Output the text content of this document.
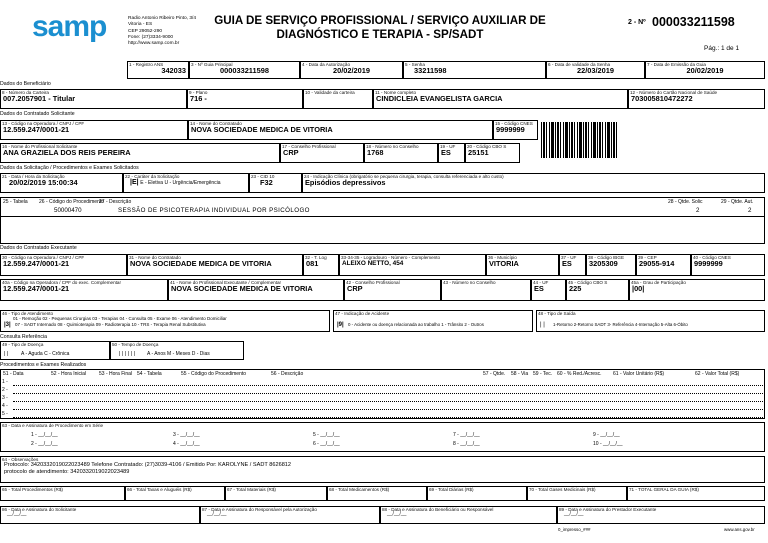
samp	Radio Antonio Ribeiro Pinto, 3/4
Vitoria - ES
CEP 29052-290
Fone: (27)3334-9000
http://www.samp.com.br
GUIA DE SERVIÇO PROFISSIONAL / SERVIÇO AUXILIAR DE
DIAGNÓSTICO E TERAPIA - SP/SADT
2 - Nº 000033211598
Pág.: 1 de 1
1 - Registro ANS
342033
3 - Nº Guia Principal
000033211598
4 - Data da Autorização
20/02/2019
5 - Senha
33211598
6 - Data de validade da Senha
22/03/2019
7 - Data de Emissão da Guia
20/02/2019
Dados do Beneficiário
8 - Número da Carteira
007.2057901 - Titular
9 - Plano
716 -
10 - Validade da carteira	11 - Nome completo
CINDICLEIA EVANGELISTA GARCIA
12 - Número do Cartão Nacional de Saúde
703005810472272
Dados do Contratado Solicitante
13 - Código na Operadora / CNPJ / CPF
12.559.247/0001-21
14 - Nome do Contratado
NOVA SOCIEDADE MEDICA DE VITORIA
15 - Código CNES
9999999
16 - Nome do Profissional Solicitante
ANA GRAZIELA DOS REIS PEREIRA
17 - Conselho Profissional
CRP
18 - Número no Conselho
1768
19 - UF
ES
20 - Código CBO S
25151
Dados da Solicitação / Procedimentos e Exames Solicitados
21 - Data / Hora da Solicitação
20/02/2019 15:00:34
22 - Caráter da Solicitação
|E| E - Eletiva U - Urgência/Emergência
23 - CID 10
F32
24 - Indicação Clínica (obrigatório se pequena cirurgia, terapia, consulta referenciada e alto custo)
Episódios depressivos
25 - Tabela 26 - Código do Procedimento
27 - Descrição	28 - Qtde. Solic	29 - Qtde. Aut.
50000470	SESSÃO DE PSICOTERAPIA INDIVIDUAL POR PSICÓLOGO	2	2
Dados do Contratado Executante
30 - Código na Operadora / CNPJ / CPF
12.559.247/0001-21
31 - Nome do Contratado
NOVA SOCIEDADE MEDICA DE VITORIA
32 - T. Log
081
33-34-35 - Logradouro - Número - Complemento
ALEIXO NETTO, 454
36 - Município
VITORIA
37 - UF
ES
38 - Código IBGE
3205309
39 - CEP
29055-914
40 - Código CNES
9999999
40a - Código na Operadora / CPF do exec. Complementar
12.559.247/0001-21
41 - Nome do Profissional Executante / Complementar
NOVA SOCIEDADE MEDICA DE VITORIA
42 - Conselho Profissional
CRP
43 - Número no Conselho	44 - UF
ES
45 - Código CBO S
225
45a - Grau de Participação
|00|
46 - Tipo de Atendimento
01 - Remoção 02 - Pequenas Cirurgias 03 - Terapias 04 - Consulta 05 - Exame 06 - Atendimento Domiciliar
|3| 07 - SADT Internado 08 - Quimioterapia 09 - Radioterapia 10 - TRS - Terapia Renal Substitutiva
47 - Indicação de Acidente
|9| 0 - Acidente ou doença relacionada ao trabalho 1 - Trânsito 2 - Outros
48 - Tipo de Saída
| | 1-Retorno 2-Retorno SADT 3- Referência 4-Internação 5-Alta 6-Óbito
Consulta Referência
49 - Tipo de Doença
| |	A - Aguda C - Crônica
50 - Tempo de Doença
| | | | | | A - Anos M - Meses D - Dias
Procedimentos e Exames Realizados
51 - Data	52 - Hora Inicial	53 - Hora Final 54 - Tabela	55 - Código do Procedimento	56 - Descrição	57 - Qtde. 58 - Via 59 - Tec. 60 - % Red./Acresc. 61 - Valor Unitário (R$)	62 - Valor Total (R$)
1 -
2 -
3 -
4 -
5 -
63 - Data e Assinatura de Procedimento em Série
1 - __/__/__
2 - __/__/__
3 - __/__/__
4 - __/__/__
5 - __/__/__
6 - __/__/__
7 - __/__/__
8 - __/__/__
9 - __/__/__
10 - __/__/__
64 - Observações
Protocolo: 3420332019022023489 Telefone Contratado: (27)3039-4106 / Emitido Por: KAROLYNE / SADT 8626812
protocolo de atendimento: 3420332019022023489
65 - Total Procedimentos (R$)	66 - Total Taxas e Aluguéis (R$)	67 - Total Materiais (R$)	68 - Total Medicamentos (R$)	69 - Total Diárias (R$)	70 - Total Gases Medicinais (R$)	71 - TOTAL GERAL DA GUIA (R$)
86 - Data e Assinatura do Solicitante
__/__/__
87 - Data e Assinatura do Responsável pela Autorização
__/__/__
88 - Data e Assinatura do Beneficiário ou Responsável
__/__/__
89 - Data e Assinatura do Prestador Executante
__/__/__
0_impresso_###	www.ans.gov.br
